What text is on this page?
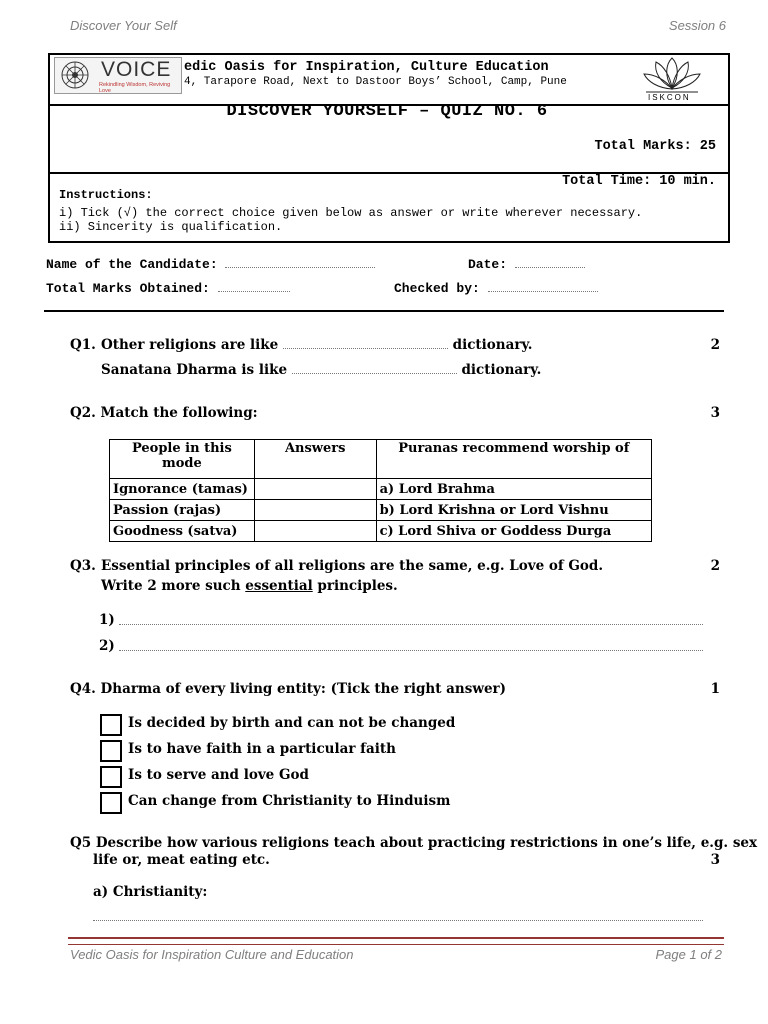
Discover Your Self	Session 6
VOICE
Rekindling Wisdom, Reviving Love
edic Oasis for Inspiration, Culture Education
4, Tarapore Road, Next to Dastoor Boys’ School, Camp, Pune
ISKCON
DISCOVER YOURSELF – QUIZ NO. 6
Total Marks: 25
Total Time: 10 min.
Instructions:
i) Tick (√) the correct choice given below as answer or write wherever necessary.
ii) Sincerity is qualification.
Name of the Candidate:	Date:
Total Marks Obtained:	Checked by:
Q1. Other religions are like	dictionary.
Sanatana Dharma is like	dictionary.
2
Q2. Match the following:	3
People in this mode	Answers	Puranas recommend worship of
Ignorance (tamas)		a) Lord Brahma
Passion (rajas)		b) Lord Krishna or Lord Vishnu
Goodness (satva)		c) Lord Shiva or Goddess Durga
Q3. Essential principles of all religions are the same, e.g. Love of God.
Write 2 more such essential principles.
2
1)
2)
Q4. Dharma of every living entity: (Tick the right answer)	1
Is decided by birth and can not be changed
Is to have faith in a particular faith
Is to serve and love God
Can change from Christianity to Hinduism
Q5 Describe how various religions teach about practicing restrictions in one’s life, e.g. sex
life or, meat eating etc.	3
a) Christianity:
Vedic Oasis for Inspiration Culture and Education	Page 1 of 2
